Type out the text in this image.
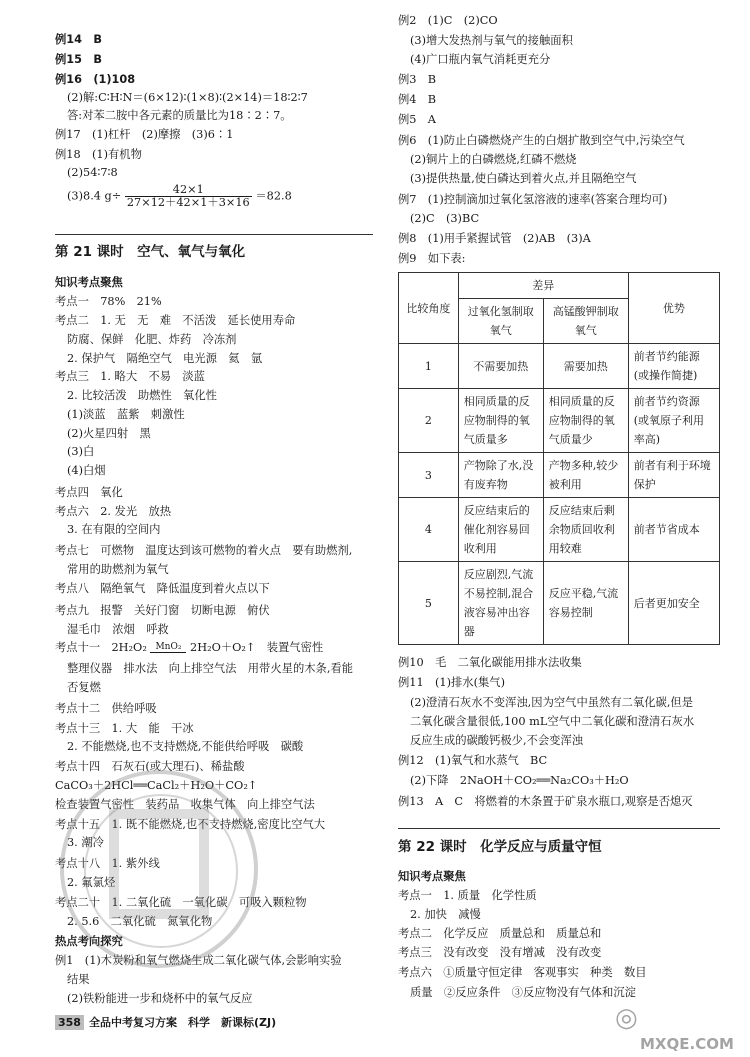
例14　B
例15　B
例16　(1)108
(2)解:C∶H∶N＝(6×12)∶(1×8)∶(2×14)＝18∶2∶7
答:对苯二胺中各元素的质量比为18∶2∶7。
例17　(1)杠杆　(2)摩擦　(3)6∶1
例18　(1)有机物
(2)54∶7∶8
(3)8.4 $g\div \frac{42\times 1}{27\times 12+42\times 1+3\times 16} =82.8$
第 21 课时　空气、氧气与氧化
知识考点聚焦
考点一　78%　21%
考点二　1. 无　无　难　不活泼　延长使用寿命
防腐、保鲜　化肥、炸药　冷冻剂
2. 保护气　隔绝空气　电光源　氦　氩
考点三　1. 略大　不易　淡蓝
2. 比较活泼　助燃性　氧化性
(1)淡蓝　蓝紫　刺激性
(2)火星四射　黑
(3)白
(4)白烟
考点四　氧化
考点六　2. 发光　放热
3. 在有限的空间内
考点七　可燃物　温度达到该可燃物的着火点　要有助燃剂,
常用的助燃剂为氧气
考点八　隔绝氧气　降低温度到着火点以下
考点九　报警　关好门窗　切断电源　俯伏
湿毛巾　浓烟　呼救
考点十一　2H₂O₂ MnO₂ 2H₂O＋O₂↑　装置气密性
整理仪器　排水法　向上排空气法　用带火星的木条,看能
否复燃
考点十二　供给呼吸
考点十三　1. 大　能　干冰
2. 不能燃烧,也不支持燃烧,不能供给呼吸　碳酸
考点十四　石灰石(或大理石)、稀盐酸
CaCO₃＋2HCl══CaCl₂＋H₂O＋CO₂↑
检查装置气密性　装药品　收集气体　向上排空气法
考点十五　1. 既不能燃烧,也不支持燃烧,密度比空气大
3. 潮冷
考点十八　1. 紫外线
2. 氟氯烃
考点二十　1. 二氧化硫　一氧化碳　可吸入颗粒物
2. 5.6　二氧化硫　氮氧化物
热点考向探究
例1　(1)木炭粉和氧气燃烧生成二氧化碳气体,会影响实验
结果
(2)铁粉能进一步和烧杯中的氧气反应
358 全品中考复习方案　科学　新课标(ZJ)
例2　(1)C　(2)CO
(3)增大发热剂与氧气的接触面积
(4)广口瓶内氧气消耗更充分
例3　B
例4　B
例5　A
例6　(1)防止白磷燃烧产生的白烟扩散到空气中,污染空气
(2)铜片上的白磷燃烧,红磷不燃烧
(3)提供热量,使白磷达到着火点,并且隔绝空气
例7　(1)控制滴加过氧化氢溶液的速率(答案合理均可)
(2)C　(3)BC
例8　(1)用手紧握试管　(2)AB　(3)A
例9　如下表:
比较角度	差异		优势
	过氧化氢制取氧气	高锰酸钾制取氧气	
1	不需要加热	需要加热	前者节约能源(或操作简捷)
2	相同质量的反应物制得的氧气质量多	相同质量的反应物制得的氧气质量少	前者节约资源(或氧原子利用率高)
3	产物除了水,没有废弃物	产物多种,较少被利用	前者有利于环境保护
4	反应结束后的催化剂容易回收利用	反应结束后剩余物质回收利用较难	前者节省成本
5	反应剧烈,气流不易控制,混合液容易冲出容器	反应平稳,气流容易控制	后者更加安全
例10　毛　二氧化碳能用排水法收集
例11　(1)排水(集气)
(2)澄清石灰水不变浑浊,因为空气中虽然有二氧化碳,但是
二氧化碳含量很低,100 mL空气中二氧化碳和澄清石灰水
反应生成的碳酸钙极少,不会变浑浊
例12　(1)氧气和水蒸气　BC
(2)下降　2NaOH＋CO₂══Na₂CO₃＋H₂O
例13　A　C　将燃着的木条置于矿泉水瓶口,观察是否熄灭
第 22 课时　化学反应与质量守恒
知识考点聚焦
考点一　1. 质量　化学性质
2. 加快　减慢
考点二　化学反应　质量总和　质量总和
考点三　没有改变　没有增减　没有改变
考点六　①质量守恒定律　客观事实　种类　数目
质量　②反应条件　③反应物没有气体和沉淀
◎
MXQE.COM
